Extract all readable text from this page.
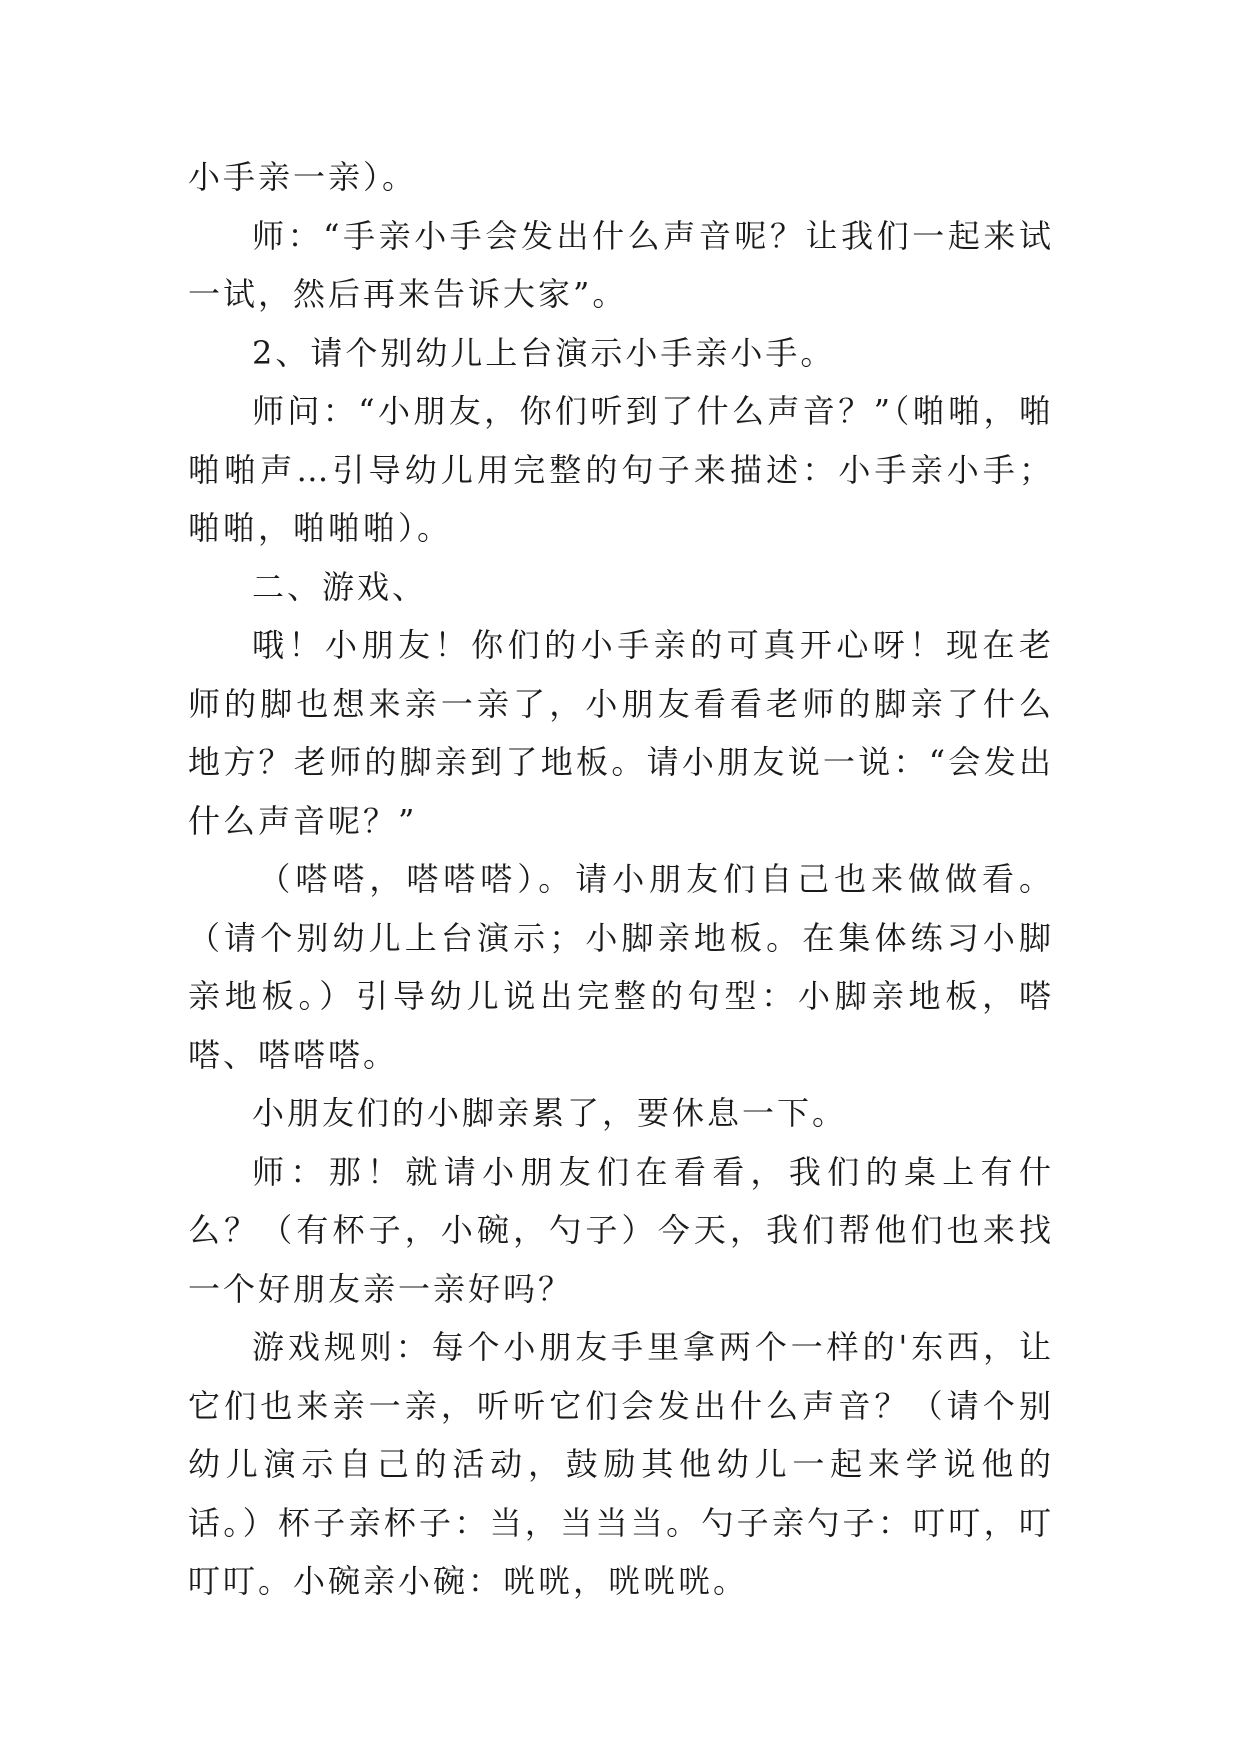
小手亲一亲）。

师：“手亲小手会发出什么声音呢？让我们一起来试一试，然后再来告诉大家”。

2、请个别幼儿上台演示小手亲小手。

师问：“小朋友，你们听到了什么声音？”（啪啪，啪啪啪声…引导幼儿用完整的句子来描述：小手亲小手；啪啪，啪啪啪）。

二、游戏、

哦！小朋友！你们的小手亲的可真开心呀！现在老师的脚也想来亲一亲了，小朋友看看老师的脚亲了什么地方？老师的脚亲到了地板。请小朋友说一说：“会发出什么声音呢？”

（嗒嗒，嗒嗒嗒）。请小朋友们自己也来做做看。（请个别幼儿上台演示；小脚亲地板。在集体练习小脚亲地板。）引导幼儿说出完整的句型：小脚亲地板，嗒嗒、嗒嗒嗒。

小朋友们的小脚亲累了，要休息一下。

师：那！就请小朋友们在看看，我们的桌上有什么？（有杯子，小碗，勺子）今天，我们帮他们也来找一个好朋友亲一亲好吗？

游戏规则：每个小朋友手里拿两个一样的'东西，让它们也来亲一亲，听听它们会发出什么声音？（请个别幼儿演示自己的活动，鼓励其他幼儿一起来学说他的话。）杯子亲杯子：当，当当当。勺子亲勺子：叮叮，叮叮叮。小碗亲小碗：咣咣，咣咣咣。
